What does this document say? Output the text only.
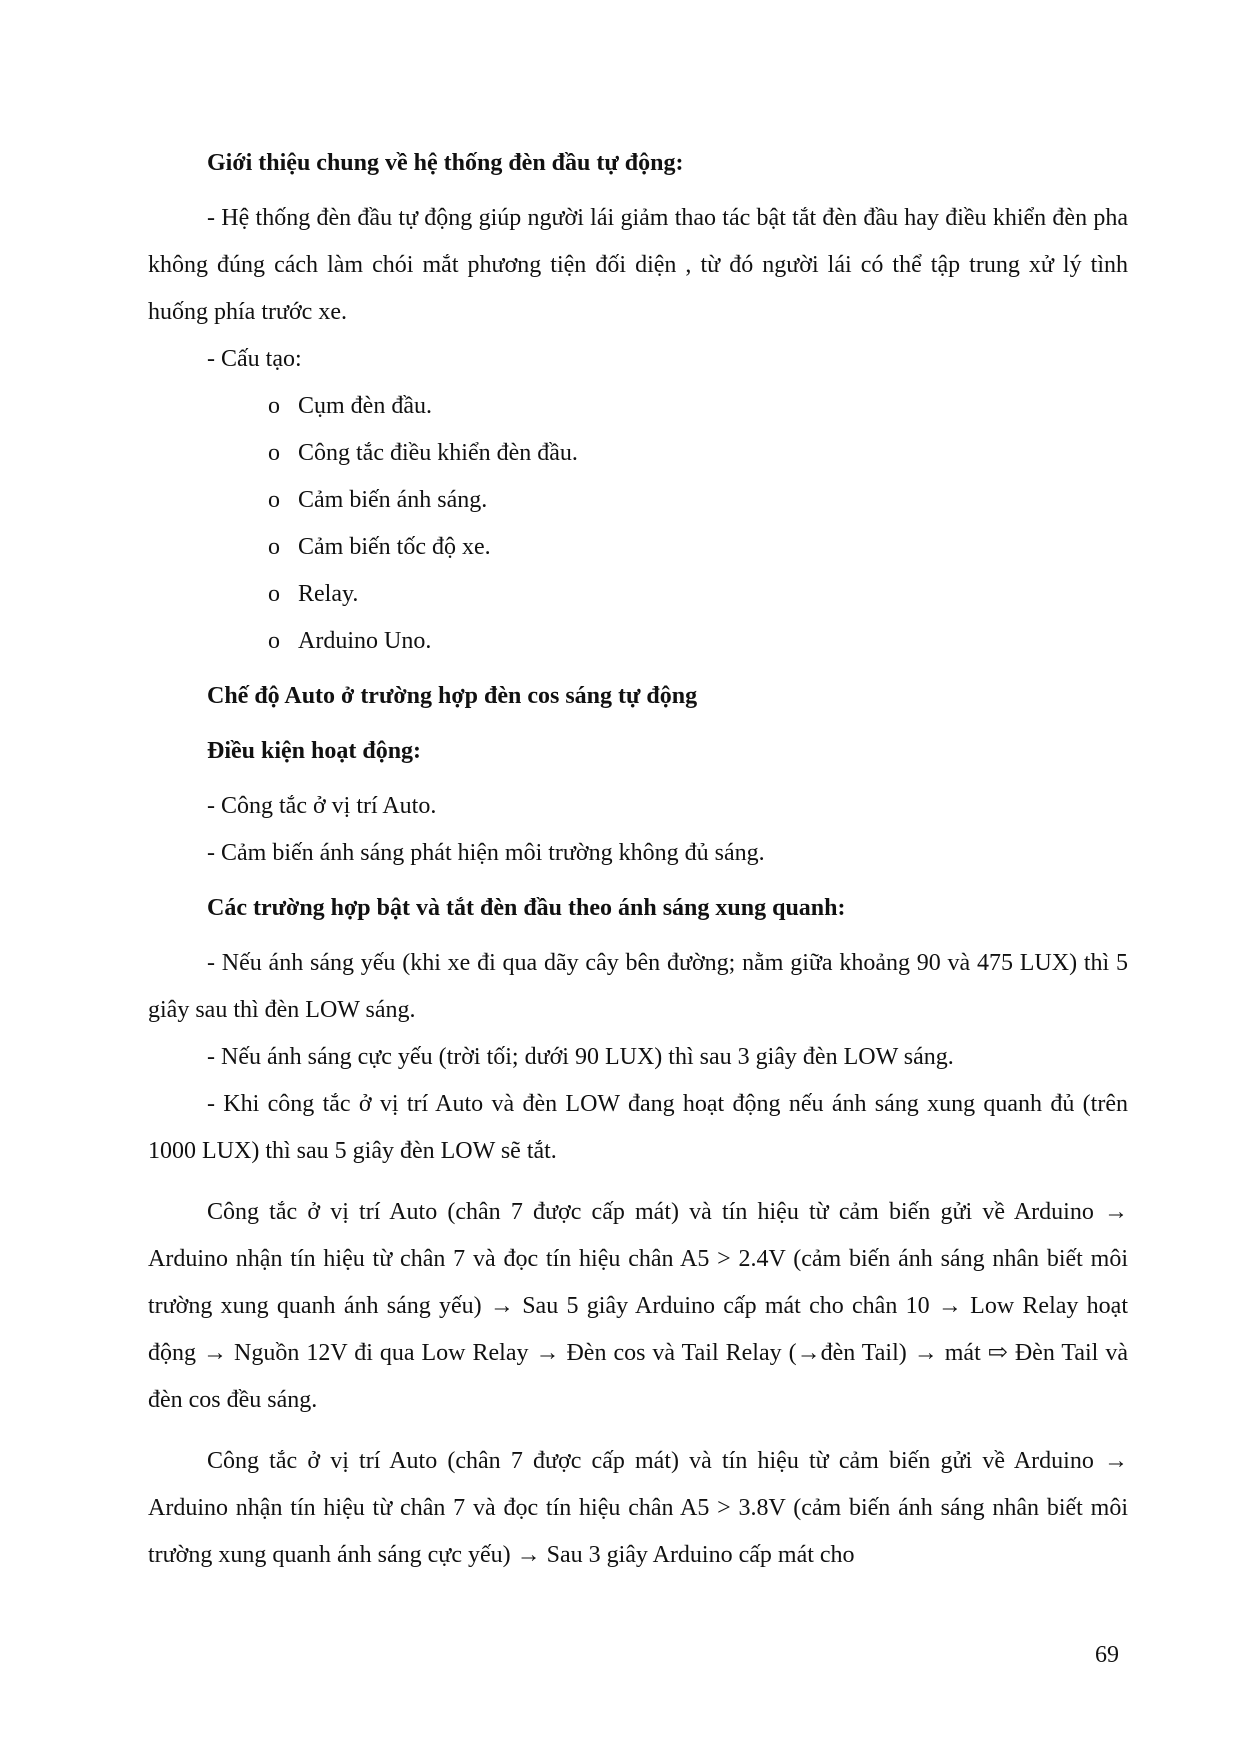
Giới thiệu chung về hệ thống đèn đầu tự động:

- Hệ thống đèn đầu tự động giúp người lái giảm thao tác bật tắt đèn đầu hay điều khiển đèn pha không đúng cách làm chói mắt phương tiện đối diện , từ đó người lái có thể tập trung xử lý tình huống phía trước xe.

- Cấu tạo:

o Cụm đèn đầu.
o Công tắc điều khiển đèn đầu.
o Cảm biến ánh sáng.
o Cảm biến tốc độ xe.
o Relay.
o Arduino Uno.

Chế độ Auto ở trường hợp đèn cos sáng tự động

Điều kiện hoạt động:

- Công tắc ở vị trí Auto.

- Cảm biến ánh sáng phát hiện môi trường không đủ sáng.

Các trường hợp bật và tắt đèn đầu theo ánh sáng xung quanh:

- Nếu ánh sáng yếu (khi xe đi qua dãy cây bên đường; nằm giữa khoảng 90 và 475 LUX) thì 5 giây sau thì đèn LOW sáng.

- Nếu ánh sáng cực yếu (trời tối; dưới 90 LUX) thì sau 3 giây đèn LOW sáng.

- Khi công tắc ở vị trí Auto và đèn LOW đang hoạt động nếu ánh sáng xung quanh đủ (trên 1000 LUX) thì sau 5 giây đèn LOW sẽ tắt.

Công tắc ở vị trí Auto (chân 7 được cấp mát) và tín hiệu từ cảm biến gửi về Arduino → Arduino nhận tín hiệu từ chân 7 và đọc tín hiệu chân A5 > 2.4V (cảm biến ánh sáng nhân biết môi trường xung quanh ánh sáng yếu) → Sau 5 giây Arduino cấp mát cho chân 10 → Low Relay hoạt động → Nguồn 12V đi qua Low Relay → Đèn cos và Tail Relay (→đèn Tail) → mát ⇨ Đèn Tail và đèn cos đều sáng.

Công tắc ở vị trí Auto (chân 7 được cấp mát) và tín hiệu từ cảm biến gửi về Arduino → Arduino nhận tín hiệu từ chân 7 và đọc tín hiệu chân A5 > 3.8V (cảm biến ánh sáng nhân biết môi trường xung quanh ánh sáng cực yếu) → Sau 3 giây Arduino cấp mát cho

69
